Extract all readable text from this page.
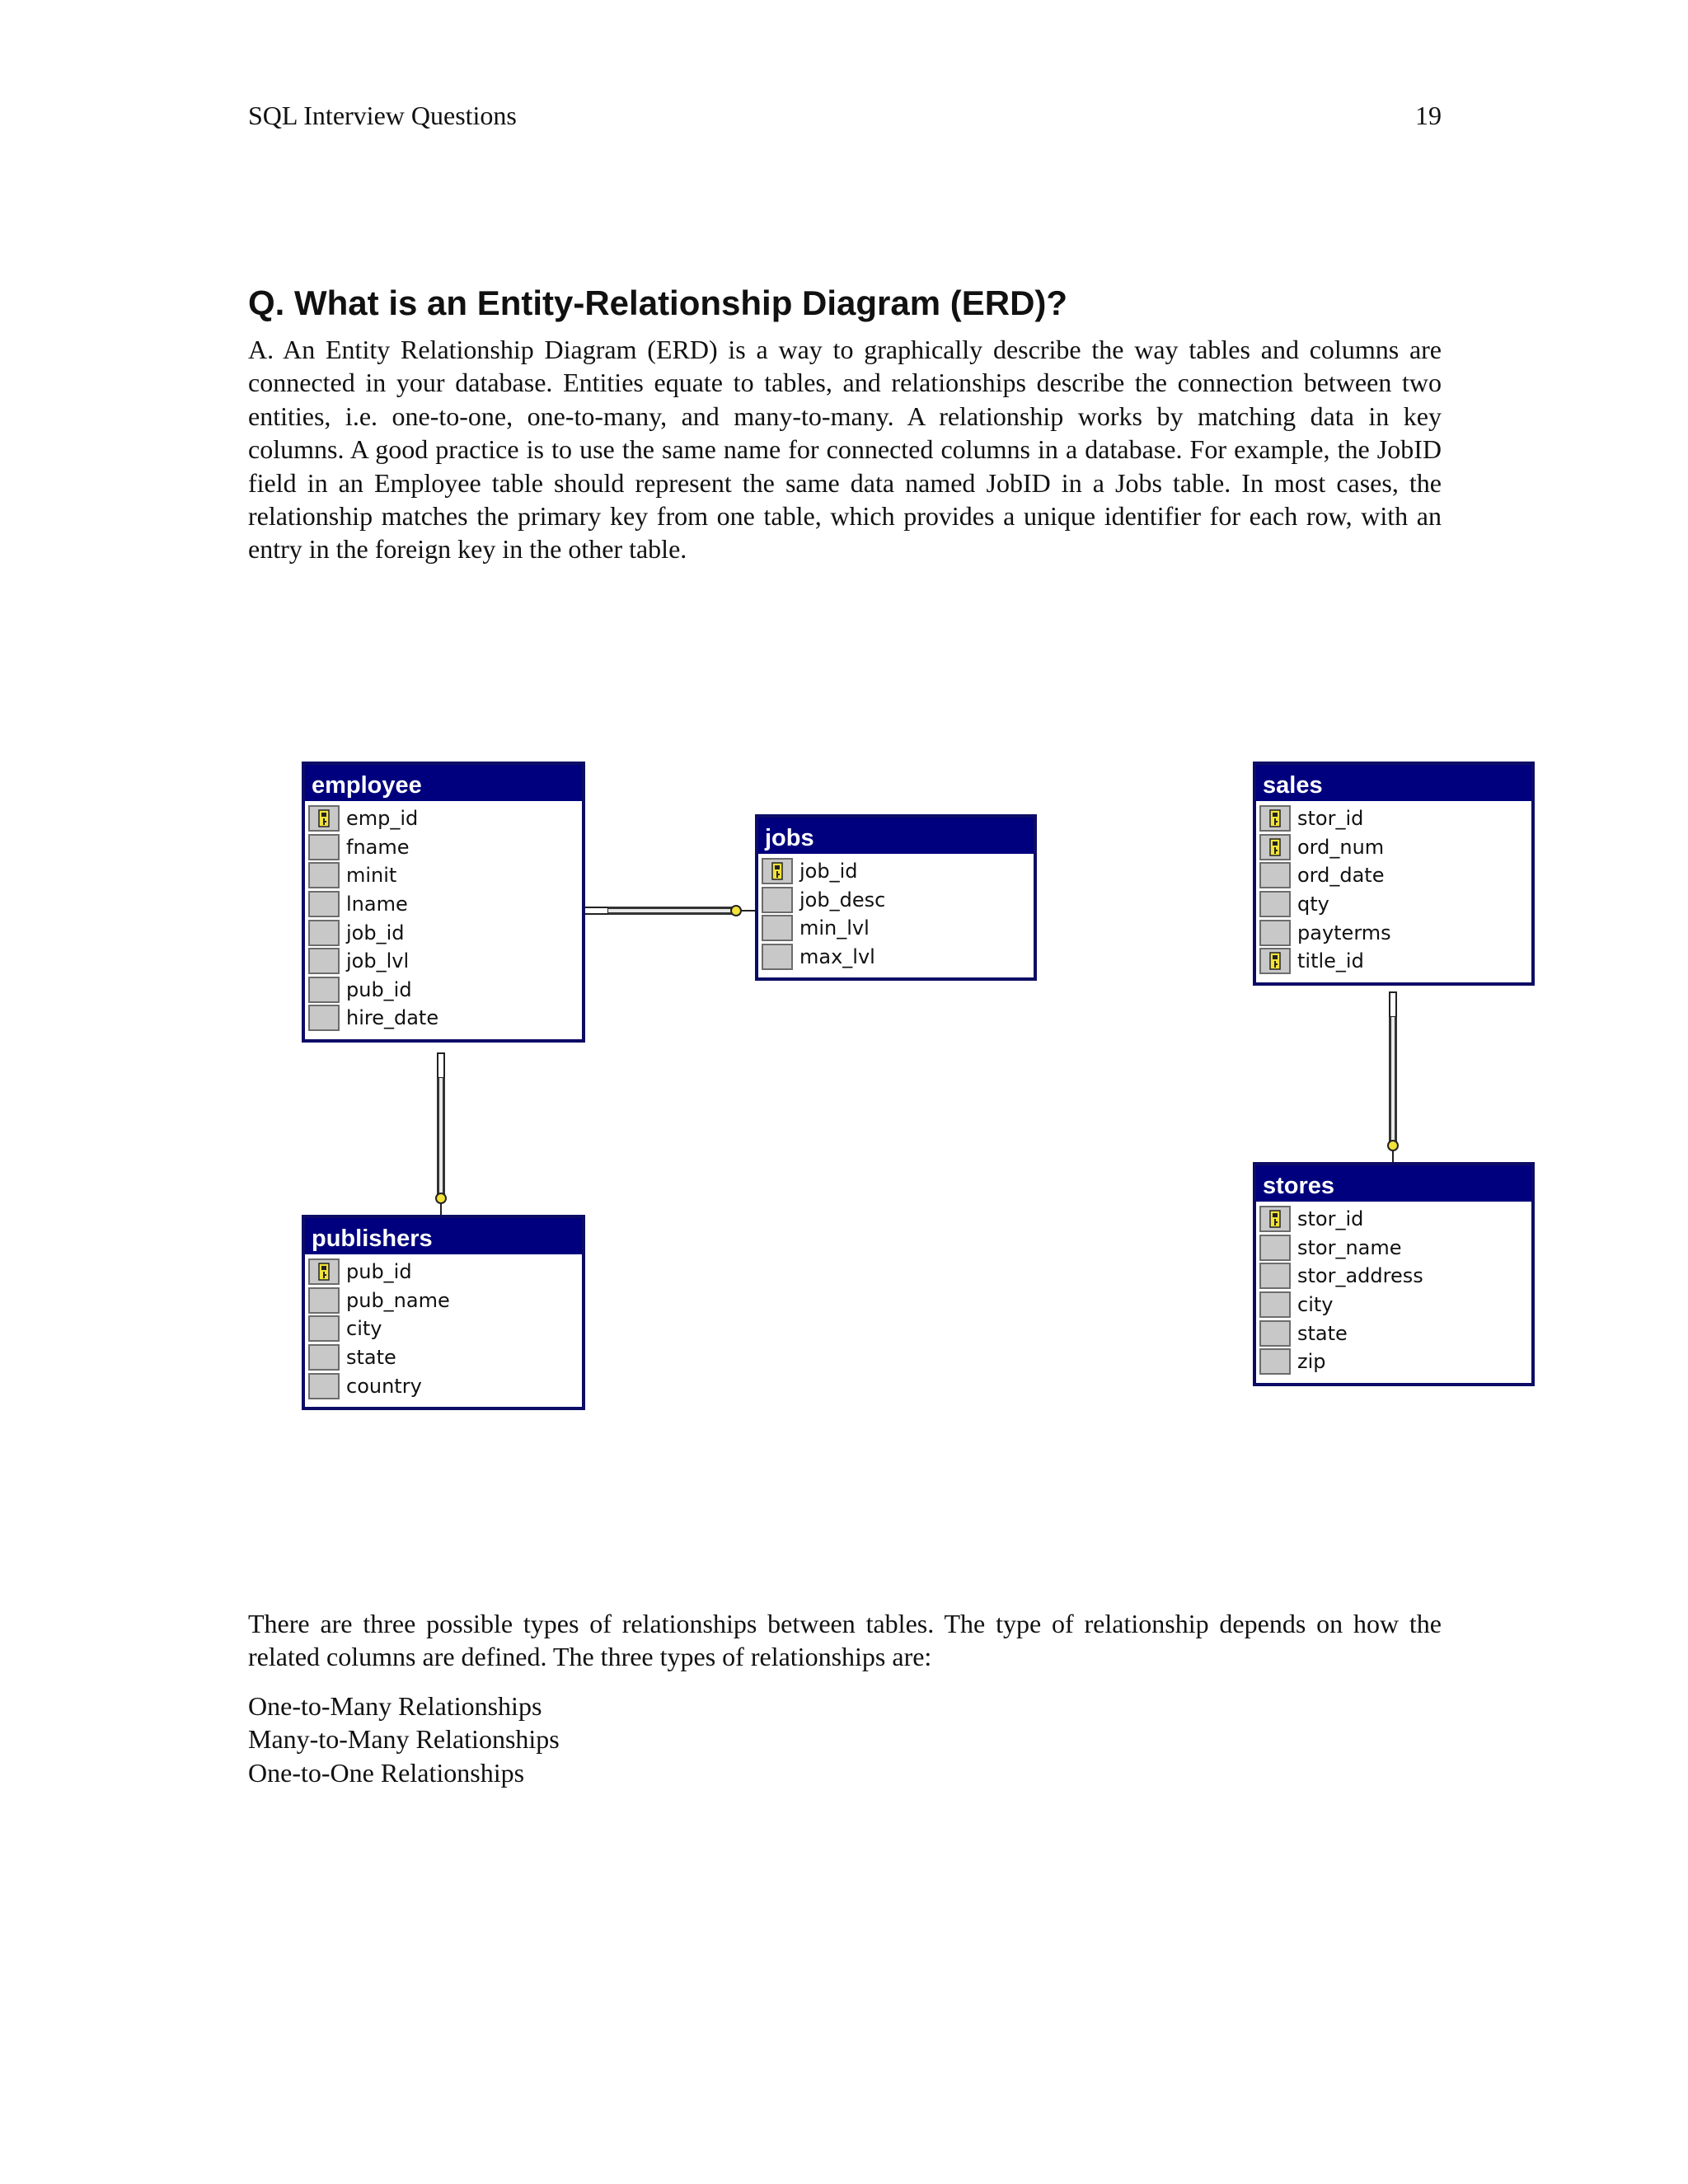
SQL Interview Questions	19
Q. What is an Entity-Relationship Diagram (ERD)?

A. An Entity Relationship Diagram (ERD) is a way to graphically describe the way tables and columns are connected in your database. Entities equate to tables, and relationships describe the connection between two entities, i.e. one-to-one, one-to-many, and many-to-many. A relationship works by matching data in key columns. A good practice is to use the same name for connected columns in a database. For example, the JobID field in an Employee table should represent the same data named JobID in a Jobs table. In most cases, the relationship matches the primary key from one table, which provides a unique identifier for each row, with an entry in the foreign key in the other table.

employee
emp_id
fname
minit
lname
job_id
job_lvl
pub_id
hire_date
jobs
job_id
job_desc
min_lvl
max_lvl
sales
stor_id
ord_num
ord_date
qty
payterms
title_id
publishers
pub_id
pub_name
city
state
country
stores
stor_id
stor_name
stor_address
city
state
zip

There are three possible types of relationships between tables. The type of relationship depends on how the related columns are defined. The three types of relationships are:

One-to-Many Relationships
Many-to-Many Relationships
One-to-One Relationships
